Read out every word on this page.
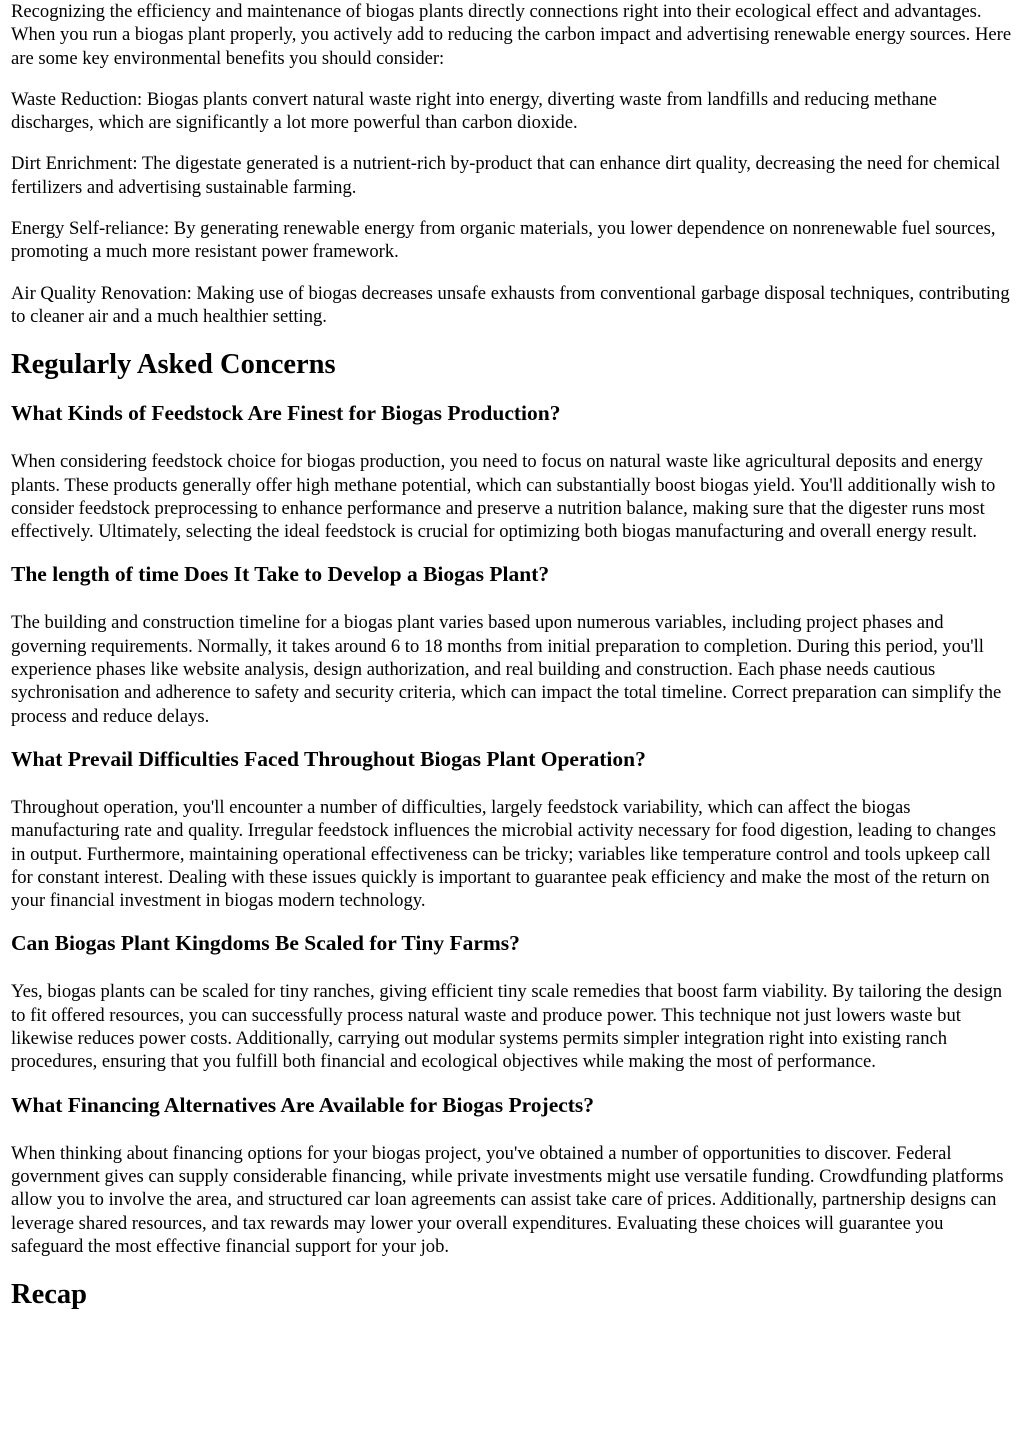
Recognizing the efficiency and maintenance of biogas plants directly connections right into their ecological effect and advantages. When you run a biogas plant properly, you actively add to reducing the carbon impact and advertising renewable energy sources. Here are some key environmental benefits you should consider:

Waste Reduction: Biogas plants convert natural waste right into energy, diverting waste from landfills and reducing methane discharges, which are significantly a lot more powerful than carbon dioxide.

Dirt Enrichment: The digestate generated is a nutrient-rich by-product that can enhance dirt quality, decreasing the need for chemical fertilizers and advertising sustainable farming.

Energy Self-reliance: By generating renewable energy from organic materials, you lower dependence on nonrenewable fuel sources, promoting a much more resistant power framework.

Air Quality Renovation: Making use of biogas decreases unsafe exhausts from conventional garbage disposal techniques, contributing to cleaner air and a much healthier setting.

Regularly Asked Concerns
What Kinds of Feedstock Are Finest for Biogas Production?

When considering feedstock choice for biogas production, you need to focus on natural waste like agricultural deposits and energy plants. These products generally offer high methane potential, which can substantially boost biogas yield. You'll additionally wish to consider feedstock preprocessing to enhance performance and preserve a nutrition balance, making sure that the digester runs most effectively. Ultimately, selecting the ideal feedstock is crucial for optimizing both biogas manufacturing and overall energy result.

The length of time Does It Take to Develop a Biogas Plant?

The building and construction timeline for a biogas plant varies based upon numerous variables, including project phases and governing requirements. Normally, it takes around 6 to 18 months from initial preparation to completion. During this period, you'll experience phases like website analysis, design authorization, and real building and construction. Each phase needs cautious sychronisation and adherence to safety and security criteria, which can impact the total timeline. Correct preparation can simplify the process and reduce delays.

What Prevail Difficulties Faced Throughout Biogas Plant Operation?

Throughout operation, you'll encounter a number of difficulties, largely feedstock variability, which can affect the biogas manufacturing rate and quality. Irregular feedstock influences the microbial activity necessary for food digestion, leading to changes in output. Furthermore, maintaining operational effectiveness can be tricky; variables like temperature control and tools upkeep call for constant interest. Dealing with these issues quickly is important to guarantee peak efficiency and make the most of the return on your financial investment in biogas modern technology.

Can Biogas Plant Kingdoms Be Scaled for Tiny Farms?

Yes, biogas plants can be scaled for tiny ranches, giving efficient tiny scale remedies that boost farm viability. By tailoring the design to fit offered resources, you can successfully process natural waste and produce power. This technique not just lowers waste but likewise reduces power costs. Additionally, carrying out modular systems permits simpler integration right into existing ranch procedures, ensuring that you fulfill both financial and ecological objectives while making the most of performance.

What Financing Alternatives Are Available for Biogas Projects?

When thinking about financing options for your biogas project, you've obtained a number of opportunities to discover. Federal government gives can supply considerable financing, while private investments might use versatile funding. Crowdfunding platforms allow you to involve the area, and structured car loan agreements can assist take care of prices. Additionally, partnership designs can leverage shared resources, and tax rewards may lower your overall expenditures. Evaluating these choices will guarantee you safeguard the most effective financial support for your job.

Recap
